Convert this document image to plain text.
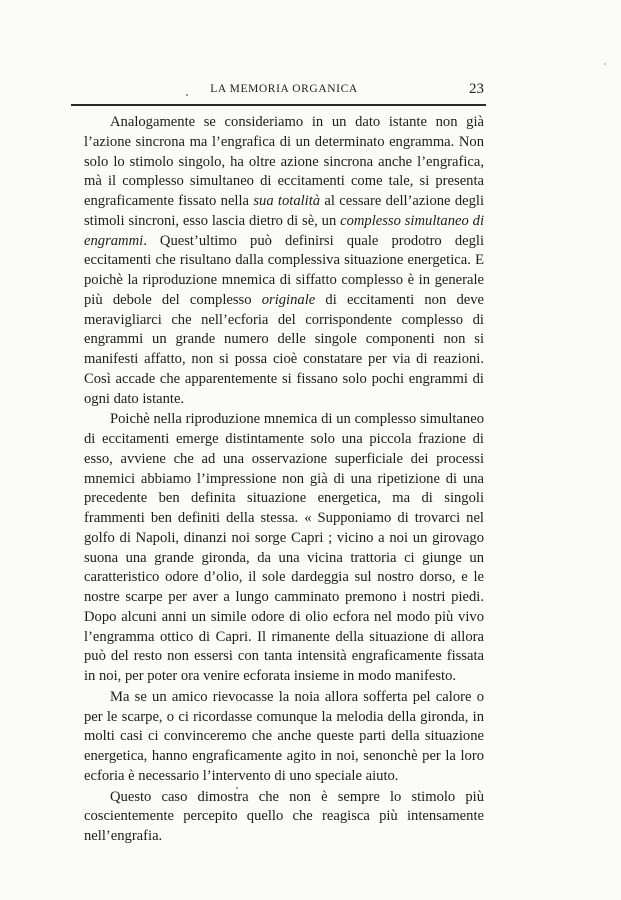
LA MEMORIA ORGANICA	23

Analogamente se consideriamo in un dato istante non già l’azione sincrona ma l’engrafica di un determinato engramma. Non solo lo stimolo singolo, ha oltre azione sincrona anche l’engrafica, mà il complesso simultaneo di eccitamenti come tale, si presenta engraficamente fissato nella sua totalità al cessare dell’azione degli stimoli sincroni, esso lascia dietro di sè, un complesso simultaneo di engrammi. Quest’ultimo può definirsi quale prodotro degli eccitamenti che risultano dalla complessiva situazione energetica. E poichè la riproduzione mnemica di siffatto complesso è in generale più debole del complesso originale di eccitamenti non deve meravigliarci che nell’ecforia del corrispondente complesso di engrammi un grande numero delle singole componenti non si manifesti affatto, non si possa cioè constatare per via di reazioni. Così accade che apparentemente si fissano solo pochi engrammi di ogni dato istante.

Poichè nella riproduzione mnemica di un complesso simultaneo di eccitamenti emerge distintamente solo una piccola frazione di esso, avviene che ad una osservazione superficiale dei processi mnemici abbiamo l’impressione non già di una ripetizione di una precedente ben definita situazione energetica, ma di singoli frammenti ben definiti della stessa. « Supponiamo di trovarci nel golfo di Napoli, dinanzi noi sorge Capri ; vicino a noi un girovago suona una grande gironda, da una vicina trattoria ci giunge un caratteristico odore d’olio, il sole dardeggia sul nostro dorso, e le nostre scarpe per aver a lungo camminato premono i nostri piedi. Dopo alcuni anni un simile odore di olio ecfora nel modo più vivo l’engramma ottico di Capri. Il rimanente della situazione di allora può del resto non essersi con tanta intensità engraficamente fissata in noi, per poter ora venire ecforata insieme in modo manifesto.

Ma se un amico rievocasse la noia allora sofferta pel calore o per le scarpe, o ci ricordasse comunque la melodia della gironda, in molti casi ci convinceremo che anche queste parti della situazione energetica, hanno engraficamente agito in noi, senonchè per la loro ecforia è necessario l’intervento di uno speciale aiuto.

Questo caso dimostra che non è sempre lo stimolo più coscientemente percepito quello che reagisca più intensamente nell’engrafia.
